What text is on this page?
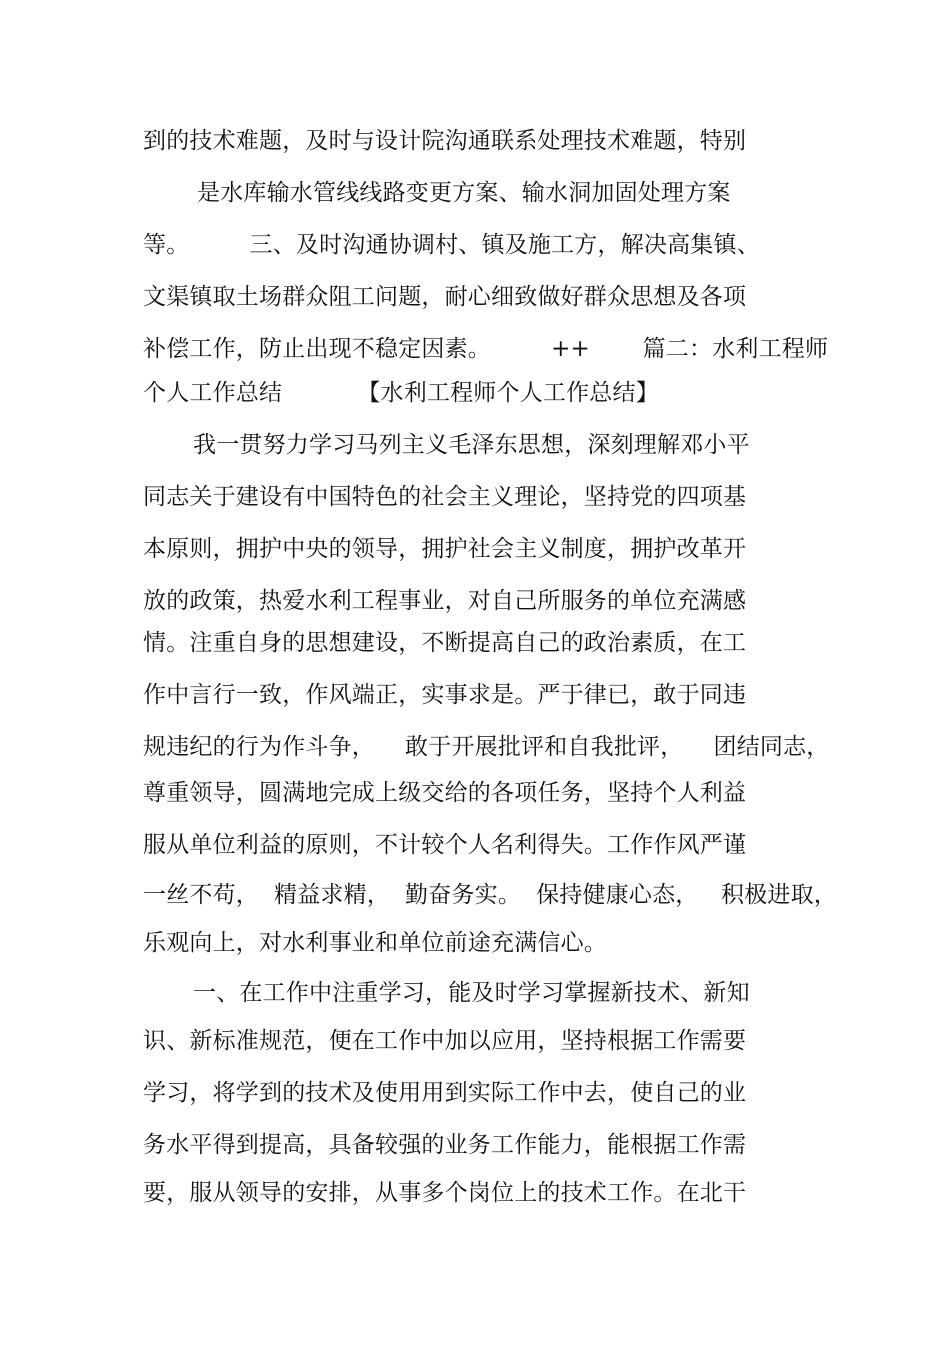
到的技术难题，及时与设计院沟通联系处理技术难题，特别
是水库输水管线线路变更方案、输水洞加固处理方案
等。        三、及时沟通协调村、镇及施工方，解决高集镇、
文渠镇取土场群众阻工问题，耐心细致做好群众思想及各项
补偿工作，防止出现不稳定因素。        ++       篇二：水利工程师
个人工作总结          【水利工程师个人工作总结】
我一贯努力学习马列主义毛泽东思想，深刻理解邓小平
同志关于建设有中国特色的社会主义理论，坚持党的四项基
本原则，拥护中央的领导，拥护社会主义制度，拥护改革开
放的政策，热爱水利工程事业，对自己所服务的单位充满感
情。注重自身的思想建设，不断提高自己的政治素质，在工
作中言行一致，作风端正，实事求是。严于律已，敢于同违
规违纪的行为作斗争，    敢于开展批评和自我批评，    团结同志，
尊重领导，圆满地完成上级交给的各项任务，坚持个人利益
服从单位利益的原则，不计较个人名利得失。工作作风严谨
一丝不苟，  精益求精，  勤奋务实。  保持健康心态，   积极进取，
乐观向上，对水利事业和单位前途充满信心。
一、在工作中注重学习，能及时学习掌握新技术、新知
识、新标准规范，便在工作中加以应用，坚持根据工作需要
学习，将学到的技术及使用用到实际工作中去，使自己的业
务水平得到提高，具备较强的业务工作能力，能根据工作需
要，服从领导的安排，从事多个岗位上的技术工作。在北干
